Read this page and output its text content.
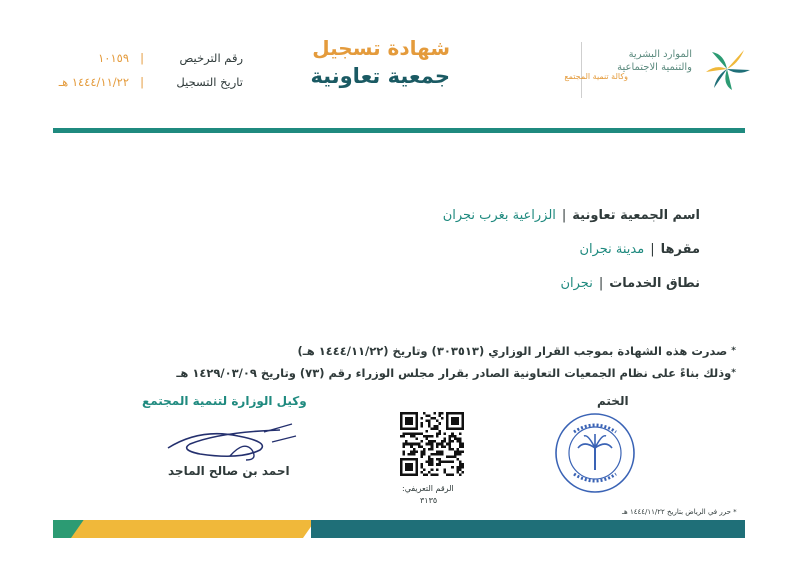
الموارد البشرية
والتنمية الاجتماعية
وكالة تنمية المجتمع
شهادة تسجيل
جمعية تعاونية
رقم الترخيص
|
١٠١٥٩
تاريخ التسجيل
|
١٤٤٤/١١/٢٢ هـ
اسم الجمعية تعاونية
|
الزراعية بغرب نجران
مقرها
|
مدينة نجران
نطاق الخدمات
|
نجران
* صدرت هذه الشهادة بموجب القرار الوزاري (٣٠٣٥١٣) وتاريخ (١٤٤٤/١١/٢٢ هـ)
*وذلك بناءً على نظام الجمعيات التعاونية الصادر بقرار مجلس الوزراء رقم (٧٣) وتاريخ ١٤٢٩/٠٣/٠٩ هـ
وكيل الوزارة لتنمية المجتمع
احمد بن صالح الماجد
الرقم التعريفي:
٣١٣٥
الختم
* حرر في الرياض بتاريخ ١٤٤٤/١١/٢٢ هـ
